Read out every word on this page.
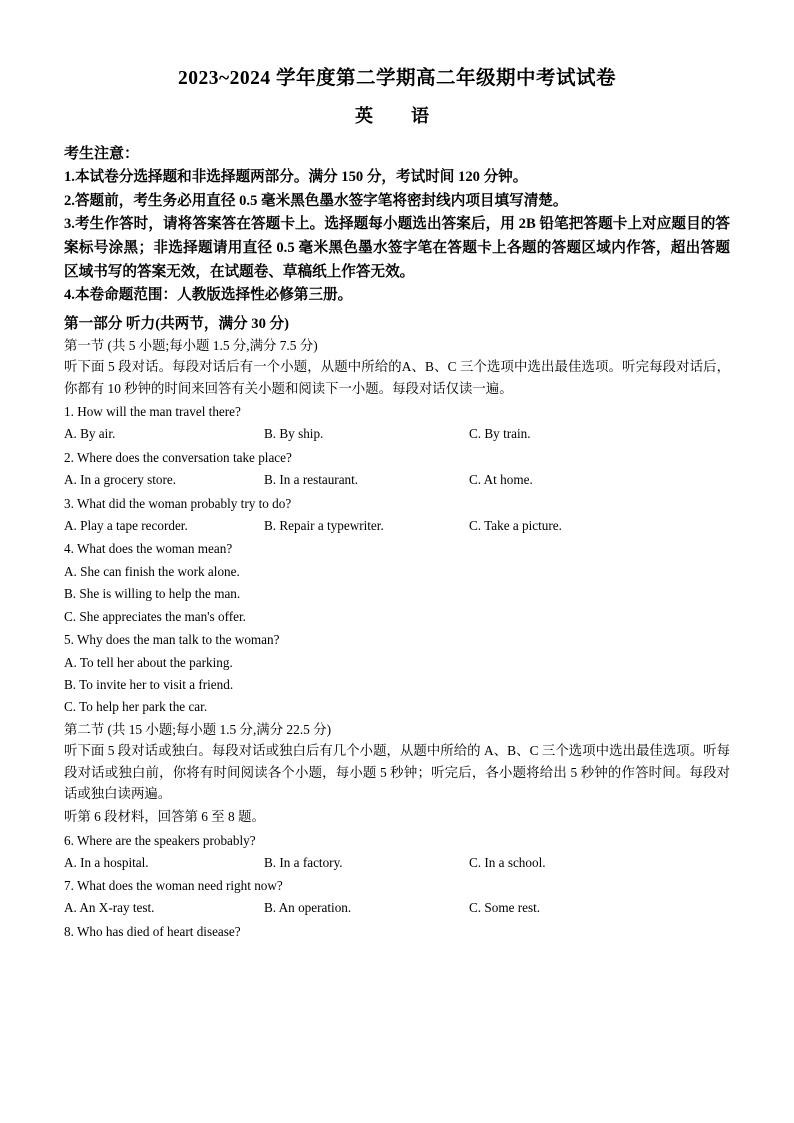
2023~2024 学年度第二学期高二年级期中考试试卷
英　语
考生注意：
1.本试卷分选择题和非选择题两部分。满分 150 分，考试时间 120 分钟。
2.答题前，考生务必用直径 0.5 毫米黑色墨水签字笔将密封线内项目填写清楚。
3.考生作答时，请将答案答在答题卡上。选择题每小题选出答案后，用 2B 铅笔把答题卡上对应题目的答案标号涂黑；非选择题请用直径 0.5 毫米黑色墨水签字笔在答题卡上各题的答题区域内作答，超出答题区域书写的答案无效，在试题卷、草稿纸上作答无效。
4.本卷命题范围：人教版选择性必修第三册。
第一部分 听力(共两节，满分 30 分)
第一节 (共 5 小题;每小题 1.5 分,满分 7.5 分)
听下面 5 段对话。每段对话后有一个小题，从题中所给的A、B、C 三个选项中选出最佳选项。听完每段对话后，你都有 10 秒钟的时间来回答有关小题和阅读下一小题。每段对话仅读一遍。
1. How will the man travel there?
A. By air.	B. By ship.	C. By train.
2. Where does the conversation take place?
A. In a grocery store.	B. In a restaurant.	C. At home.
3. What did the woman probably try to do?
A. Play a tape recorder.	B. Repair a typewriter.	C. Take a picture.
4. What does the woman mean?
A. She can finish the work alone.
B. She is willing to help the man.
C. She appreciates the man's offer.
5. Why does the man talk to the woman?
A. To tell her about the parking.
B. To invite her to visit a friend.
C. To help her park the car.
第二节 (共 15 小题;每小题 1.5 分,满分 22.5 分)
听下面 5 段对话或独白。每段对话或独白后有几个小题，从题中所给的 A、B、C 三个选项中选出最佳选项。听每段对话或独白前，你将有时间阅读各个小题，每小题 5 秒钟；听完后，各小题将给出 5 秒钟的作答时间。每段对话或独白读两遍。
听第 6 段材料，回答第 6 至 8 题。
6. Where are the speakers probably?
A. In a hospital.	B. In a factory.	C. In a school.
7. What does the woman need right now?
A. An X-ray test.	B. An operation.	C. Some rest.
8. Who has died of heart disease?
